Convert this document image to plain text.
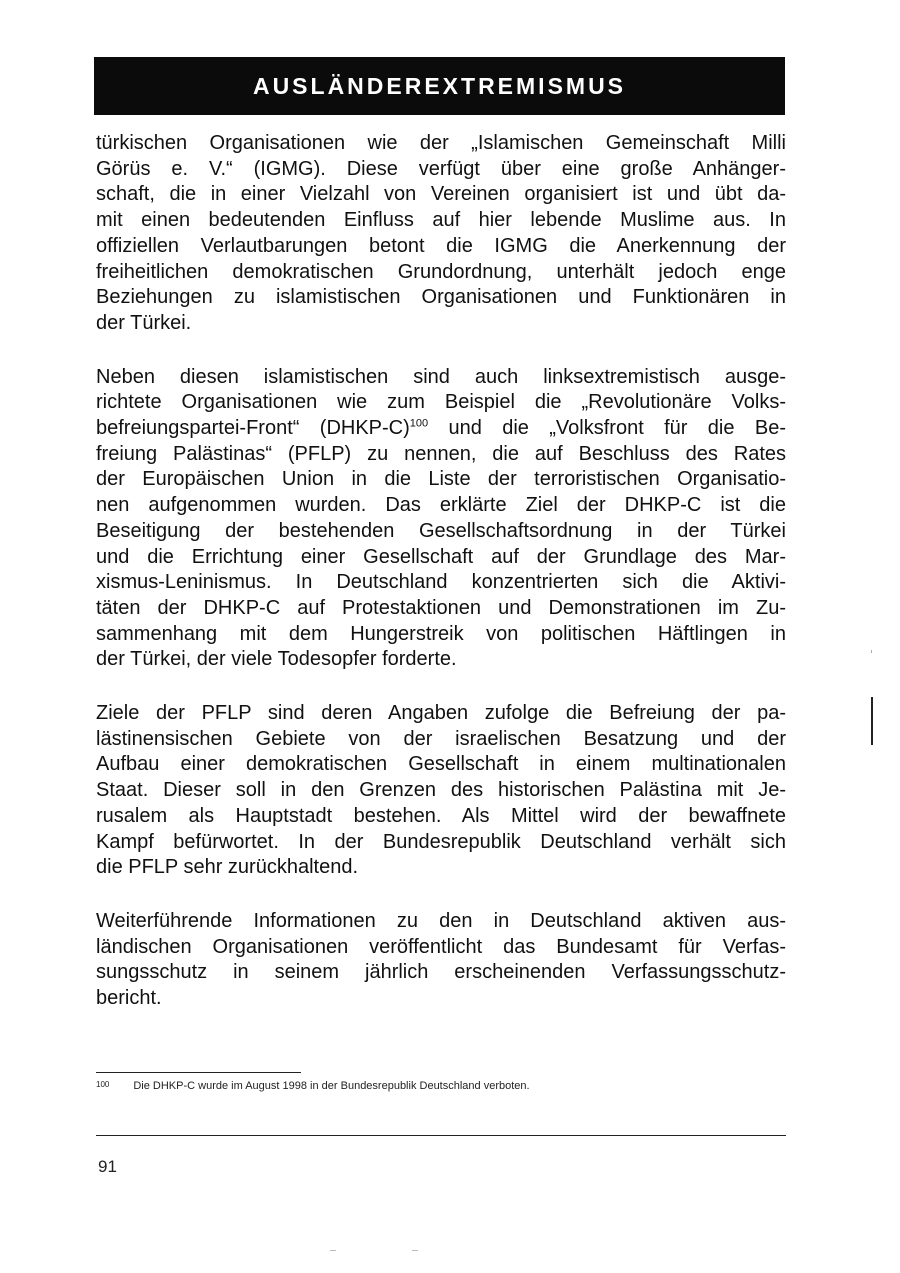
AUSLÄNDEREXTREMISMUS

türkischen Organisationen wie der „Islamischen Gemeinschaft Milli
Görüs e. V.“ (IGMG). Diese verfügt über eine große Anhänger-
schaft, die in einer Vielzahl von Vereinen organisiert ist und übt da-
mit einen bedeutenden Einfluss auf hier lebende Muslime aus. In
offiziellen Verlautbarungen betont die IGMG die Anerkennung der
freiheitlichen demokratischen Grundordnung, unterhält jedoch enge
Beziehungen zu islamistischen Organisationen und Funktionären in
der Türkei.

Neben diesen islamistischen sind auch linksextremistisch ausge-
richtete Organisationen wie zum Beispiel die „Revolutionäre Volks-
befreiungspartei-Front“ (DHKP-C)$^{100}$ und die „Volksfront für die Be-
freiung Palästinas“ (PFLP) zu nennen, die auf Beschluss des Rates
der Europäischen Union in die Liste der terroristischen Organisatio-
nen aufgenommen wurden. Das erklärte Ziel der DHKP-C ist die
Beseitigung der bestehenden Gesellschaftsordnung in der Türkei
und die Errichtung einer Gesellschaft auf der Grundlage des Mar-
xismus-Leninismus. In Deutschland konzentrierten sich die Aktivi-
täten der DHKP-C auf Protestaktionen und Demonstrationen im Zu-
sammenhang mit dem Hungerstreik von politischen Häftlingen in
der Türkei, der viele Todesopfer forderte.

Ziele der PFLP sind deren Angaben zufolge die Befreiung der pa-
lästinensischen Gebiete von der israelischen Besatzung und der
Aufbau einer demokratischen Gesellschaft in einem multinationalen
Staat. Dieser soll in den Grenzen des historischen Palästina mit Je-
rusalem als Hauptstadt bestehen. Als Mittel wird der bewaffnete
Kampf befürwortet. In der Bundesrepublik Deutschland verhält sich
die PFLP sehr zurückhaltend.

Weiterführende Informationen zu den in Deutschland aktiven aus-
ländischen Organisationen veröffentlicht das Bundesamt für Verfas-
sungsschutz in seinem jährlich erscheinenden Verfassungsschutz-
bericht.

100 Die DHKP-C wurde im August 1998 in der Bundesrepublik Deutschland verboten.
91
